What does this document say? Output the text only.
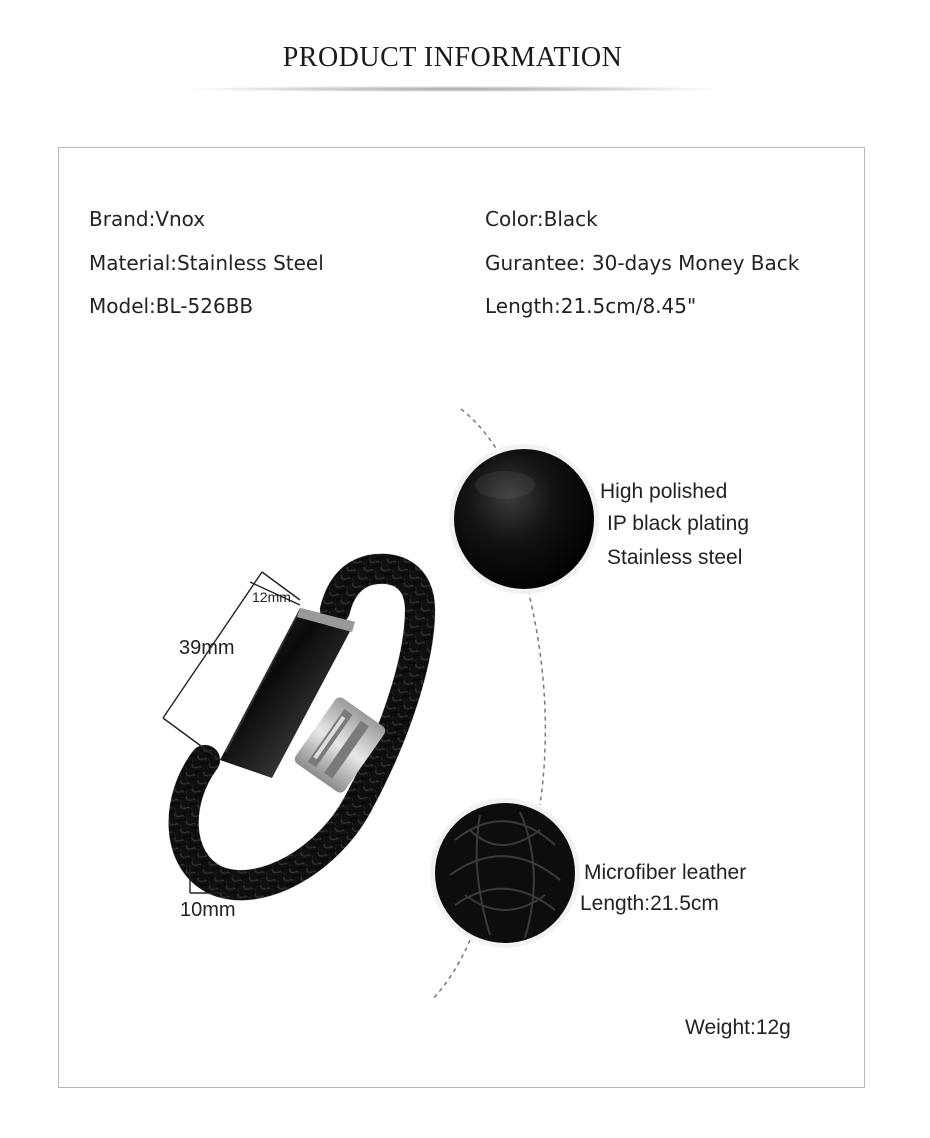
PRODUCT INFORMATION
Brand:Vnox
Material:Stainless Steel
Model:BL-526BB
Color:Black
Gurantee: 30-days Money Back
Length:21.5cm/8.45"
12mm
39mm
10mm
High polished
IP black plating
Stainless steel
Microfiber leather
Length:21.5cm
Weight:12g
